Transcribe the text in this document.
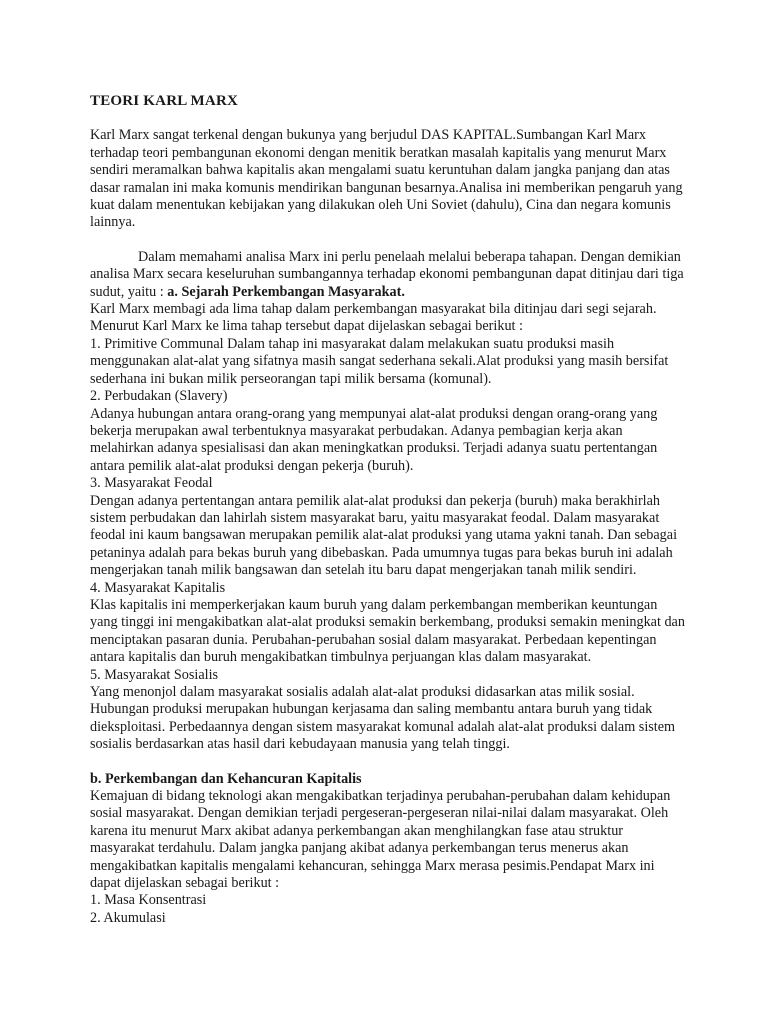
TEORI KARL MARX

Karl Marx sangat terkenal dengan bukunya yang berjudul DAS KAPITAL.Sumbangan Karl Marx terhadap teori pembangunan ekonomi dengan menitik beratkan masalah kapitalis yang menurut Marx sendiri meramalkan bahwa kapitalis akan mengalami suatu keruntuhan dalam jangka panjang dan atas dasar ramalan ini maka komunis mendirikan bangunan besarnya.Analisa ini memberikan pengaruh yang kuat dalam menentukan kebijakan yang dilakukan oleh Uni Soviet (dahulu), Cina dan negara komunis lainnya.

Dalam memahami analisa Marx ini perlu penelaah melalui beberapa tahapan. Dengan demikian analisa Marx secara keseluruhan sumbangannya terhadap ekonomi pembangunan dapat ditinjau dari tiga sudut, yaitu : a. Sejarah Perkembangan Masyarakat.

Karl Marx membagi ada lima tahap dalam perkembangan masyarakat bila ditinjau dari segi sejarah. Menurut Karl Marx ke lima tahap tersebut dapat dijelaskan sebagai berikut :

1. Primitive Communal Dalam tahap ini masyarakat dalam melakukan suatu produksi masih menggunakan alat-alat yang sifatnya masih sangat sederhana sekali.Alat produksi yang masih bersifat sederhana ini bukan milik perseorangan tapi milik bersama (komunal).

2. Perbudakan (Slavery)

Adanya hubungan antara orang-orang yang mempunyai alat-alat produksi dengan orang-orang yang bekerja merupakan awal terbentuknya masyarakat perbudakan. Adanya pembagian kerja akan melahirkan adanya spesialisasi dan akan meningkatkan produksi. Terjadi adanya suatu pertentangan antara pemilik alat-alat produksi dengan pekerja (buruh).

3. Masyarakat Feodal

Dengan adanya pertentangan antara pemilik alat-alat produksi dan pekerja (buruh) maka berakhirlah sistem perbudakan dan lahirlah sistem masyarakat baru, yaitu masyarakat feodal. Dalam masyarakat feodal ini kaum bangsawan merupakan pemilik alat-alat produksi yang utama yakni tanah. Dan sebagai petaninya adalah para bekas buruh yang dibebaskan. Pada umumnya tugas para bekas buruh ini adalah mengerjakan tanah milik bangsawan dan setelah itu baru dapat mengerjakan tanah milik sendiri.

4. Masyarakat Kapitalis

Klas kapitalis ini memperkerjakan kaum buruh yang dalam perkembangan memberikan keuntungan yang tinggi ini mengakibatkan alat-alat produksi semakin berkembang, produksi semakin meningkat dan menciptakan pasaran dunia. Perubahan-perubahan sosial dalam masyarakat. Perbedaan kepentingan antara kapitalis dan buruh mengakibatkan timbulnya perjuangan klas dalam masyarakat.

5. Masyarakat Sosialis

Yang menonjol dalam masyarakat sosialis adalah alat-alat produksi didasarkan atas milik sosial. Hubungan produksi merupakan hubungan kerjasama dan saling membantu antara buruh yang tidak dieksploitasi. Perbedaannya dengan sistem masyarakat komunal adalah alat-alat produksi dalam sistem sosialis berdasarkan atas hasil dari kebudayaan manusia yang telah tinggi.

b. Perkembangan dan Kehancuran Kapitalis

Kemajuan di bidang teknologi akan mengakibatkan terjadinya perubahan-perubahan dalam kehidupan sosial masyarakat. Dengan demikian terjadi pergeseran-pergeseran nilai-nilai dalam masyarakat. Oleh karena itu menurut Marx akibat adanya perkembangan akan menghilangkan fase atau struktur masyarakat terdahulu. Dalam jangka panjang akibat adanya perkembangan terus menerus akan mengakibatkan kapitalis mengalami kehancuran, sehingga Marx merasa pesimis.Pendapat Marx ini dapat dijelaskan sebagai berikut :

1. Masa Konsentrasi

2. Akumulasi
